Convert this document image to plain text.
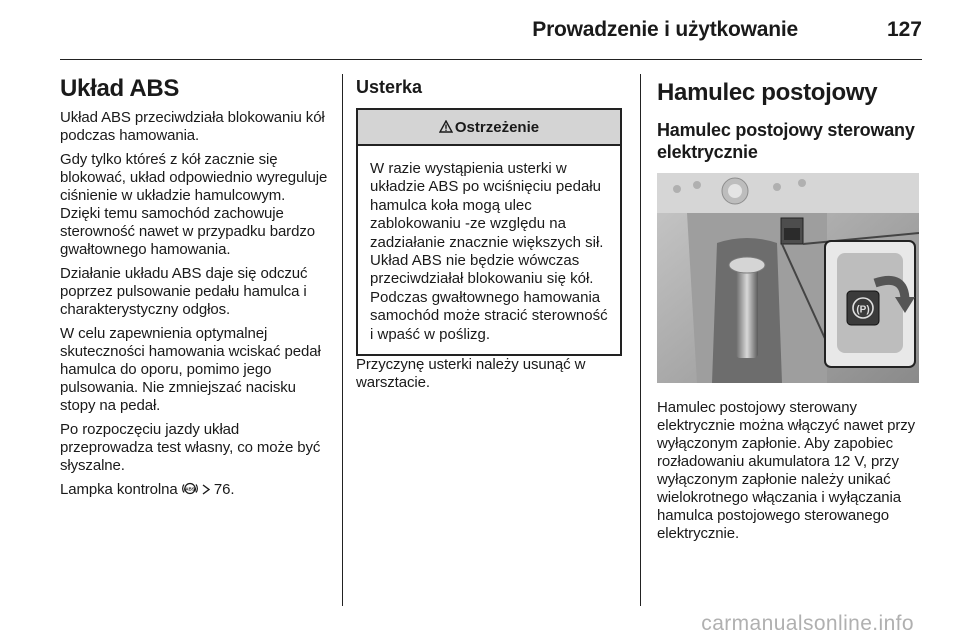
Prowadzenie i użytkowanie	127
Układ ABS

Układ ABS przeciwdziała blokowaniu kół podczas hamowania.

Gdy tylko któreś z kół zacznie się blokować, układ odpowiednio wyreguluje ciśnienie w układzie hamulcowym. Dzięki temu samochód zachowuje sterowność nawet w przypadku bardzo gwałtownego hamowania.

Działanie układu ABS daje się odczuć poprzez pulsowanie pedału hamulca i charakterystyczny odgłos.

W celu zapewnienia optymalnej skuteczności hamowania wciskać pedał hamulca do oporu, pomimo jego pulsowania. Nie zmniejszać nacisku stopy na pedał.

Po rozpoczęciu jazdy układ przeprowadza test własny, co może być słyszalne.

Lampka kontrolna (ABS) 76.

Usterka
Ostrzeżenie
W razie wystąpienia usterki w układzie ABS po wciśnięciu pedału hamulca koła mogą ulec zablokowaniu -ze względu na zadziałanie znacznie większych sił. Układ ABS nie będzie wówczas przeciwdziałał blokowaniu się kół. Podczas gwałtownego hamowania samochód może stracić sterowność i wpaść w poślizg.

Przyczynę usterki należy usunąć w warsztacie.

Hamulec postojowy
Hamulec postojowy sterowany elektrycznie
(P)

Hamulec postojowy sterowany elektrycznie można włączyć nawet przy wyłączonym zapłonie. Aby zapobiec rozładowaniu akumulatora 12 V, przy wyłączonym zapłonie należy unikać wielokrotnego włączania i wyłączania hamulca postojowego sterowanego elektrycznie.

carmanualsonline.info
